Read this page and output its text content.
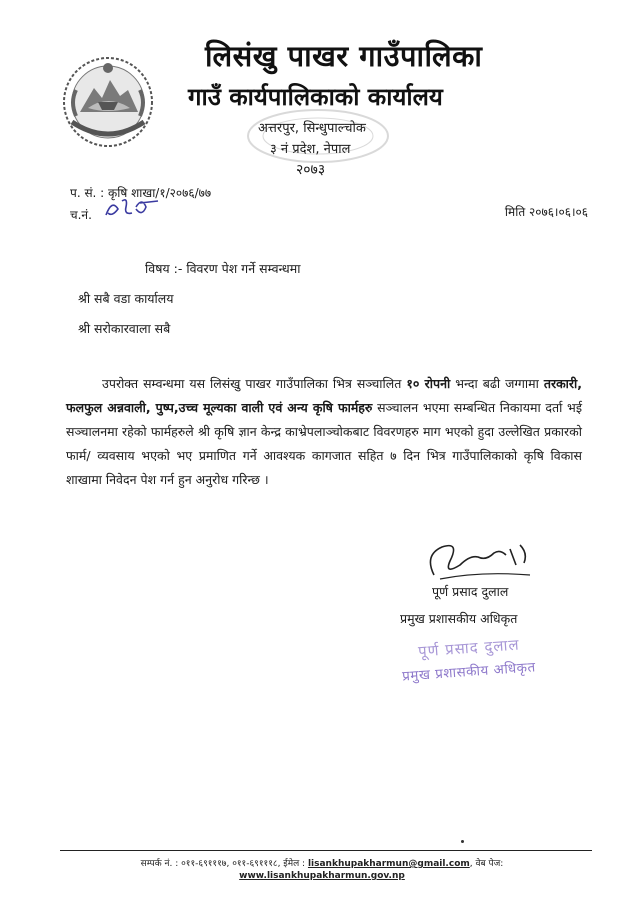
लिसंखु पाखर गाउँपालिका
गाउँ कार्यपालिकाको कार्यालय
अत्तरपुर, सिन्धुपाल्चोक
३ नं प्रदेश, नेपाल
२०७३
प. सं. : कृषि शाखा/१/२०७६/७७
च.नं.	मिति २०७६।०६।०६
विषय :- विवरण पेश गर्ने सम्वन्धमा
श्री सबै वडा कार्यालय
श्री सरोकारवाला सबै
उपरोक्त सम्वन्धमा यस लिसंखु पाखर गाउँपालिका भित्र सञ्चालित १० रोपनी भन्दा बढी जग्गामा तरकारी, फलफुल अन्नवाली, पुष्प,उच्च मूल्यका वाली एवं अन्य कृषि फार्महरु सञ्चालन भएमा सम्बन्धित निकायमा दर्ता भई सञ्चालनमा रहेको फार्महरुले श्री कृषि ज्ञान केन्द्र काभ्रेपलाञ्चोकबाट विवरणहरु माग भएको हुदा उल्लेखित प्रकारको फार्म/ व्यवसाय भएको भए प्रमाणित गर्ने आवश्यक कागजात सहित ७ दिन भित्र गाउँपालिकाको कृषि विकास शाखामा निवेदन पेश गर्न हुन अनुरोध गरिन्छ ।
पूर्ण प्रसाद दुलाल
प्रमुख प्रशासकीय अधिकृत
पूर्ण प्रसाद दुलाल
प्रमुख प्रशासकीय अधिकृत
सम्पर्क नं. : ०११-६९१११७, ०११-६९१११८, ईमेल : lisankhupakharmun@gmail.com, वेब पेज:
www.lisankhupakharmun.gov.np
